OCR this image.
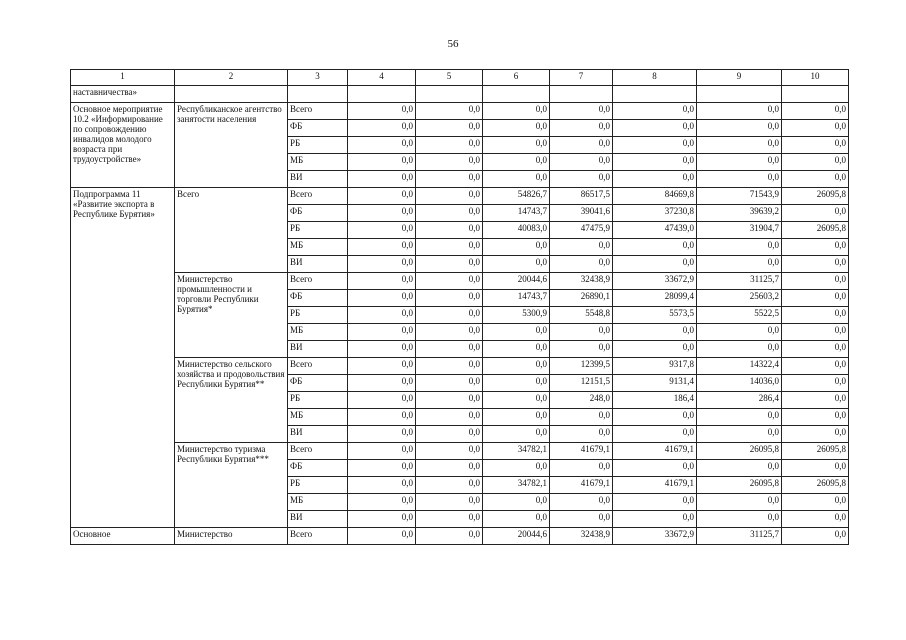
56
1	2	3	4	5	6	7	8	9	10
наставничества»									
Основное мероприятие 10.2 «Информирование по сопровождению инвалидов молодого возраста при трудоустройстве»	Республиканское агентство занятости населения	Всего	0,0	0,0	0,0	0,0	0,0	0,0	0,0
		ФБ	0,0	0,0	0,0	0,0	0,0	0,0	0,0
		РБ	0,0	0,0	0,0	0,0	0,0	0,0	0,0
		МБ	0,0	0,0	0,0	0,0	0,0	0,0	0,0
		ВИ	0,0	0,0	0,0	0,0	0,0	0,0	0,0
Подпрограмма 11 «Развитие экспорта в Республике Бурятия»	Всего	Всего	0,0	0,0	54826,7	86517,5	84669,8	71543,9	26095,8
		ФБ	0,0	0,0	14743,7	39041,6	37230,8	39639,2	0,0
		РБ	0,0	0,0	40083,0	47475,9	47439,0	31904,7	26095,8
		МБ	0,0	0,0	0,0	0,0	0,0	0,0	0,0
		ВИ	0,0	0,0	0,0	0,0	0,0	0,0	0,0
	Министерство промышленности и торговли Республики Бурятия*	Всего	0,0	0,0	20044,6	32438,9	33672,9	31125,7	0,0
		ФБ	0,0	0,0	14743,7	26890,1	28099,4	25603,2	0,0
		РБ	0,0	0,0	5300,9	5548,8	5573,5	5522,5	0,0
		МБ	0,0	0,0	0,0	0,0	0,0	0,0	0,0
		ВИ	0,0	0,0	0,0	0,0	0,0	0,0	0,0
	Министерство сельского хозяйства и продовольствия Республики Бурятия**	Всего	0,0	0,0	0,0	12399,5	9317,8	14322,4	0,0
		ФБ	0,0	0,0	0,0	12151,5	9131,4	14036,0	0,0
		РБ	0,0	0,0	0,0	248,0	186,4	286,4	0,0
		МБ	0,0	0,0	0,0	0,0	0,0	0,0	0,0
		ВИ	0,0	0,0	0,0	0,0	0,0	0,0	0,0
	Министерство туризма Республики Бурятия***	Всего	0,0	0,0	34782,1	41679,1	41679,1	26095,8	26095,8
		ФБ	0,0	0,0	0,0	0,0	0,0	0,0	0,0
		РБ	0,0	0,0	34782,1	41679,1	41679,1	26095,8	26095,8
		МБ	0,0	0,0	0,0	0,0	0,0	0,0	0,0
		ВИ	0,0	0,0	0,0	0,0	0,0	0,0	0,0
Основное	Министерство	Всего	0,0	0,0	20044,6	32438,9	33672,9	31125,7	0,0
